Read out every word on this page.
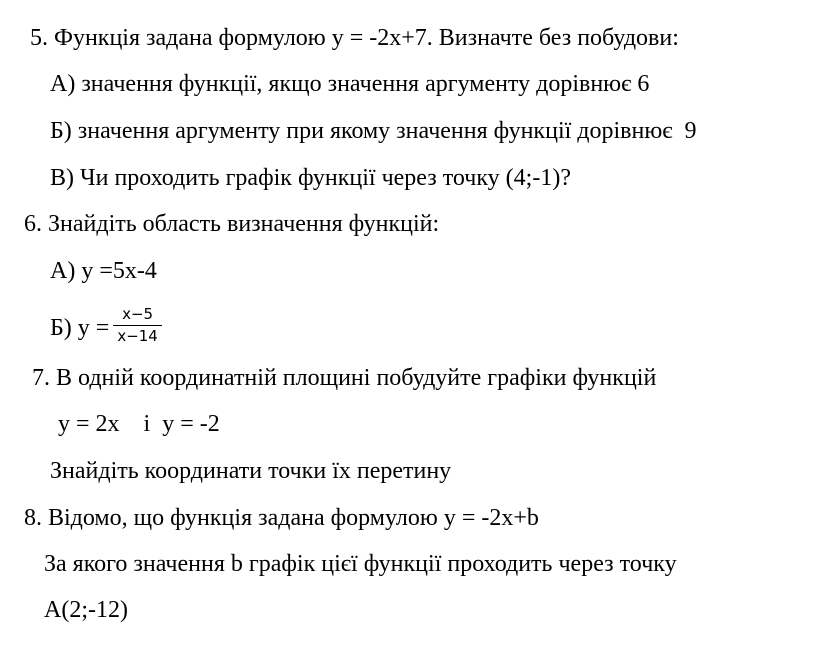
5. Функція задана формулою y = -2x+7. Визначте без побудови:
А) значення функції, якщо значення аргументу дорівнює 6
Б) значення аргументу при якому значення функції дорівнює  9
В) Чи проходить графік функції через точку (4;-1)?
6. Знайдіть область визначення функцій:
А) y =5x-4
Б) $y = \frac{x-5}{x-14}$
7. В одній координатній площині побудуйте графіки функцій
y = 2x    і  y = -2
Знайдіть координати точки їх перетину
8. Відомо, що функція задана формулою y = -2x+b
За якого значення b графік цієї функції проходить через точку
A(2;-12)
